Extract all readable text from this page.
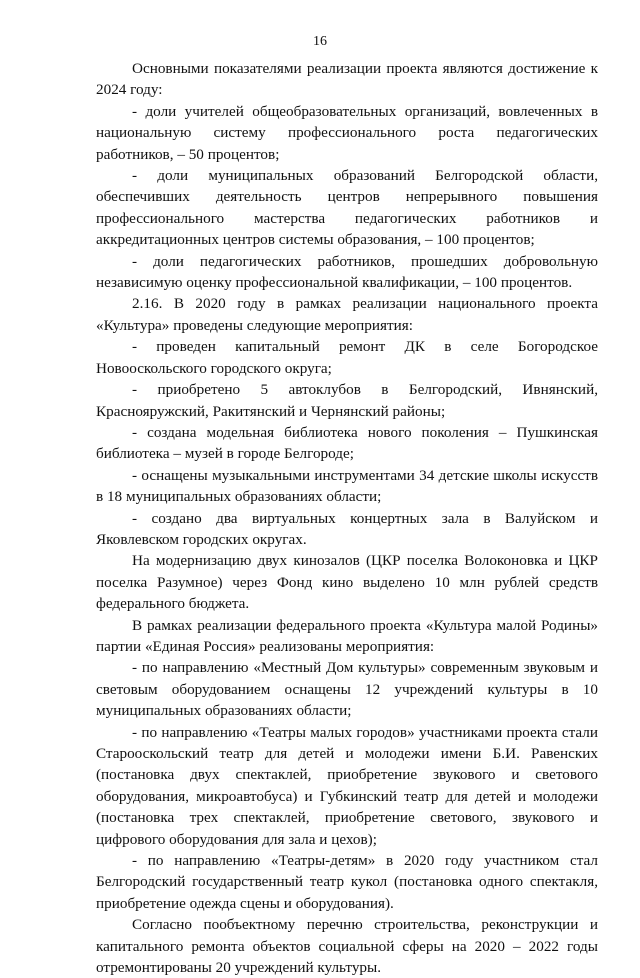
16

Основными показателями реализации проекта являются достижение к 2024 году:

- доли учителей общеобразовательных организаций, вовлеченных в национальную систему профессионального роста педагогических работников, – 50 процентов;

- доли муниципальных образований Белгородской области, обеспечивших деятельность центров непрерывного повышения профессионального мастерства педагогических работников и аккредитационных центров системы образования, – 100 процентов;

- доли педагогических работников, прошедших добровольную независимую оценку профессиональной квалификации, – 100 процентов.

2.16. В 2020 году в рамках реализации национального проекта «Культура» проведены следующие мероприятия:

- проведен капитальный ремонт ДК в селе Богородское Новооскольского городского округа;

- приобретено 5 автоклубов в Белгородский, Ивнянский, Краснояружский, Ракитянский и Чернянский районы;

- создана модельная библиотека нового поколения – Пушкинская библиотека – музей в городе Белгороде;

- оснащены музыкальными инструментами 34 детские школы искусств в 18 муниципальных образованиях области;

- создано два виртуальных концертных зала в Валуйском и Яковлевском городских округах.

На модернизацию двух кинозалов (ЦКР поселка Волоконовка и ЦКР поселка Разумное) через Фонд кино выделено 10 млн рублей средств федерального бюджета.

В рамках реализации федерального проекта «Культура малой Родины» партии «Единая Россия» реализованы мероприятия:

- по направлению «Местный Дом культуры» современным звуковым и световым оборудованием оснащены 12 учреждений культуры в 10 муниципальных образованиях области;

- по направлению «Театры малых городов» участниками проекта стали Старооскольский театр для детей и молодежи имени Б.И. Равенских (постановка двух спектаклей, приобретение звукового и светового оборудования, микроавтобуса) и Губкинский театр для детей и молодежи (постановка трех спектаклей, приобретение светового, звукового и цифрового оборудования для зала и цехов);

- по направлению «Театры-детям» в 2020 году участником стал Белгородский государственный театр кукол (постановка одного спектакля, приобретение одежда сцены и оборудования).

Согласно пообъектному перечню строительства, реконструкции и капитального ремонта объектов социальной сферы на 2020 – 2022 годы отремонтированы 20 учреждений культуры.
